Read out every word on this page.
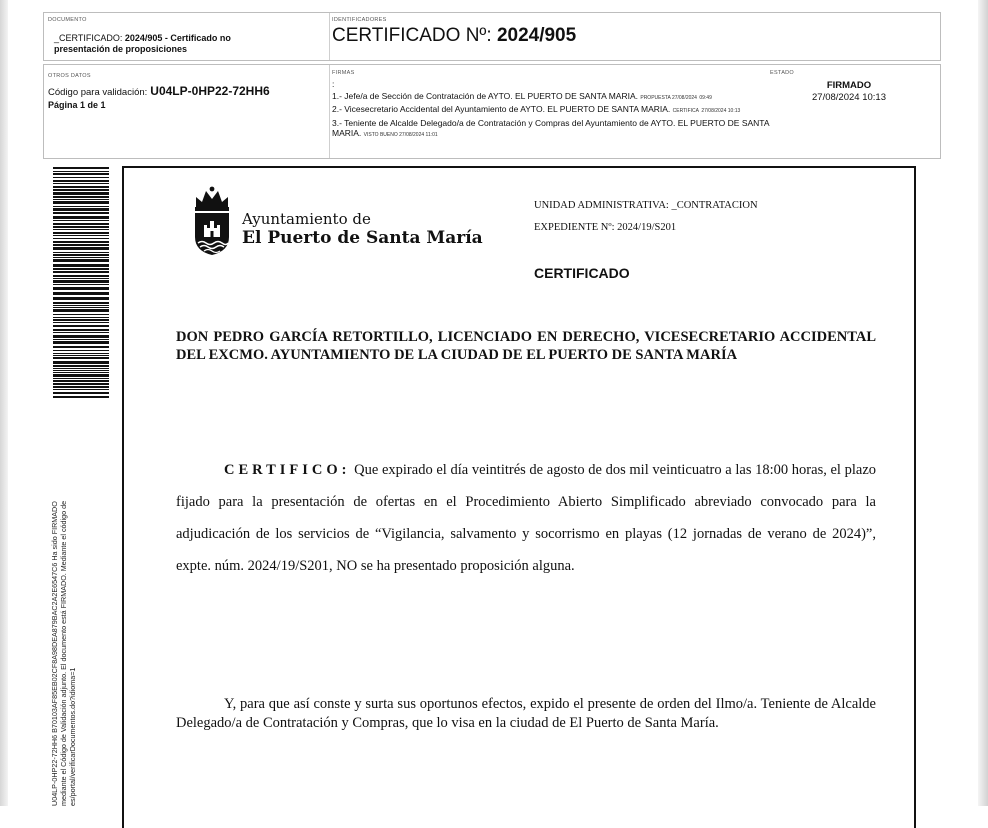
DOCUMENTO
_CERTIFICADO: 2024/905 - Certificado no presentación de proposiciones
IDENTIFICADORES
CERTIFICADO Nº: 2024/905
OTROS DATOS
Código para validación: U04LP-0HP22-72HH6
Página 1 de 1
FIRMAS
:
1.- Jefe/a de Sección de Contratación de AYTO. EL PUERTO DE SANTA MARIA. PROPUESTA 27/08/2024 09:49
2.- Vicesecretario Accidental del Ayuntamiento de AYTO. EL PUERTO DE SANTA MARIA. CERTIFICA 27/08/2024 10:13
3.- Teniente de Alcalde Delegado/a de Contratación y Compras del Ayuntamiento de AYTO. EL PUERTO DE SANTA MARIA. VISTO BUENO 27/08/2024 11:01
ESTADO
FIRMADO
27/08/2024 10:13
U04LP-0HP22-72HH6 B70103AF85EB02CF8A98DEA879BAC2A2E6547C6 Ha sido FIRMADO mediante el Código de Validación adjunto. El documento está FIRMADO. Mediante el código de es/portal/verificarDocumentos.do?idioma=1
Ayuntamiento de
El Puerto de Santa María
UNIDAD ADMINISTRATIVA: _CONTRATACION
EXPEDIENTE Nº: 2024/19/S201
CERTIFICADO
DON PEDRO GARCÍA RETORTILLO, LICENCIADO EN DERECHO, VICESECRETARIO ACCIDENTAL DEL EXCMO. AYUNTAMIENTO DE LA CIUDAD DE EL PUERTO DE SANTA MARÍA
CERTIFICO: Que expirado el día veintitrés de agosto de dos mil veinticuatro a las 18:00 horas, el plazo fijado para la presentación de ofertas en el Procedimiento Abierto Simplificado abreviado convocado para la adjudicación de los servicios de “Vigilancia, salvamento y socorrismo en playas (12 jornadas de verano de 2024)”, expte. núm. 2024/19/S201, NO se ha presentado proposición alguna.
Y, para que así conste y surta sus oportunos efectos, expido el presente de orden del Ilmo/a. Teniente de Alcalde Delegado/a de Contratación y Compras, que lo visa en la ciudad de El Puerto de Santa María.
